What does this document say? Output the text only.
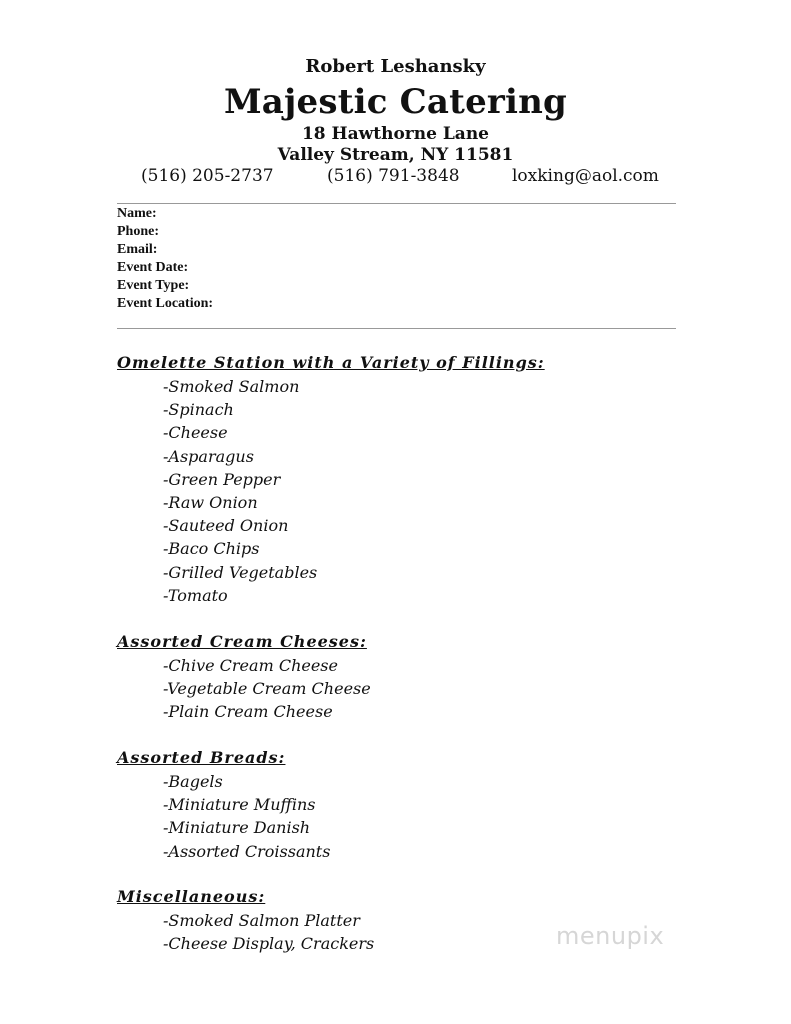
Robert Leshansky
Majestic Catering
18 Hawthorne Lane
Valley Stream, NY 11581
(516) 205-2737	(516) 791-3848	loxking@aol.com
Name:
Phone:
Email:
Event Date:
Event Type:
Event Location:
Omelette Station with a Variety of Fillings:
-Smoked Salmon
-Spinach
-Cheese
-Asparagus
-Green Pepper
-Raw Onion
-Sauteed Onion
-Baco Chips
-Grilled Vegetables
-Tomato
Assorted Cream Cheeses:
-Chive Cream Cheese
-Vegetable Cream Cheese
-Plain Cream Cheese
Assorted Breads:
-Bagels
-Miniature Muffins
-Miniature Danish
-Assorted Croissants
Miscellaneous:
-Smoked Salmon Platter
-Cheese Display, Crackers	menupix
